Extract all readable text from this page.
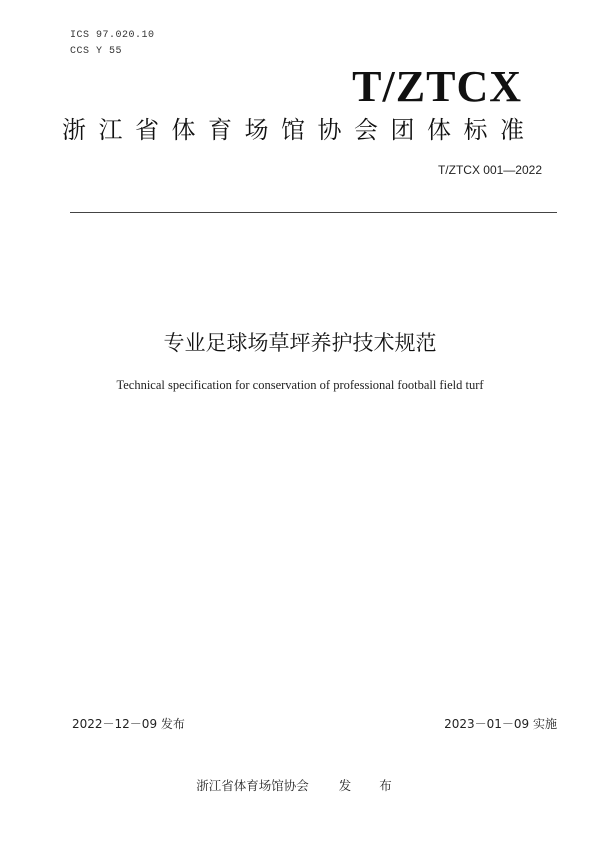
ICS 97.020.10
CCS Y 55
T/ZTCX
浙江省体育场馆协会团体标准
T/ZTCX 001—2022
专业足球场草坪养护技术规范
Technical specification for conservation of professional football field turf
2022－12－09 发布	2023－01－09 实施
浙江省体育场馆协会 发 布
